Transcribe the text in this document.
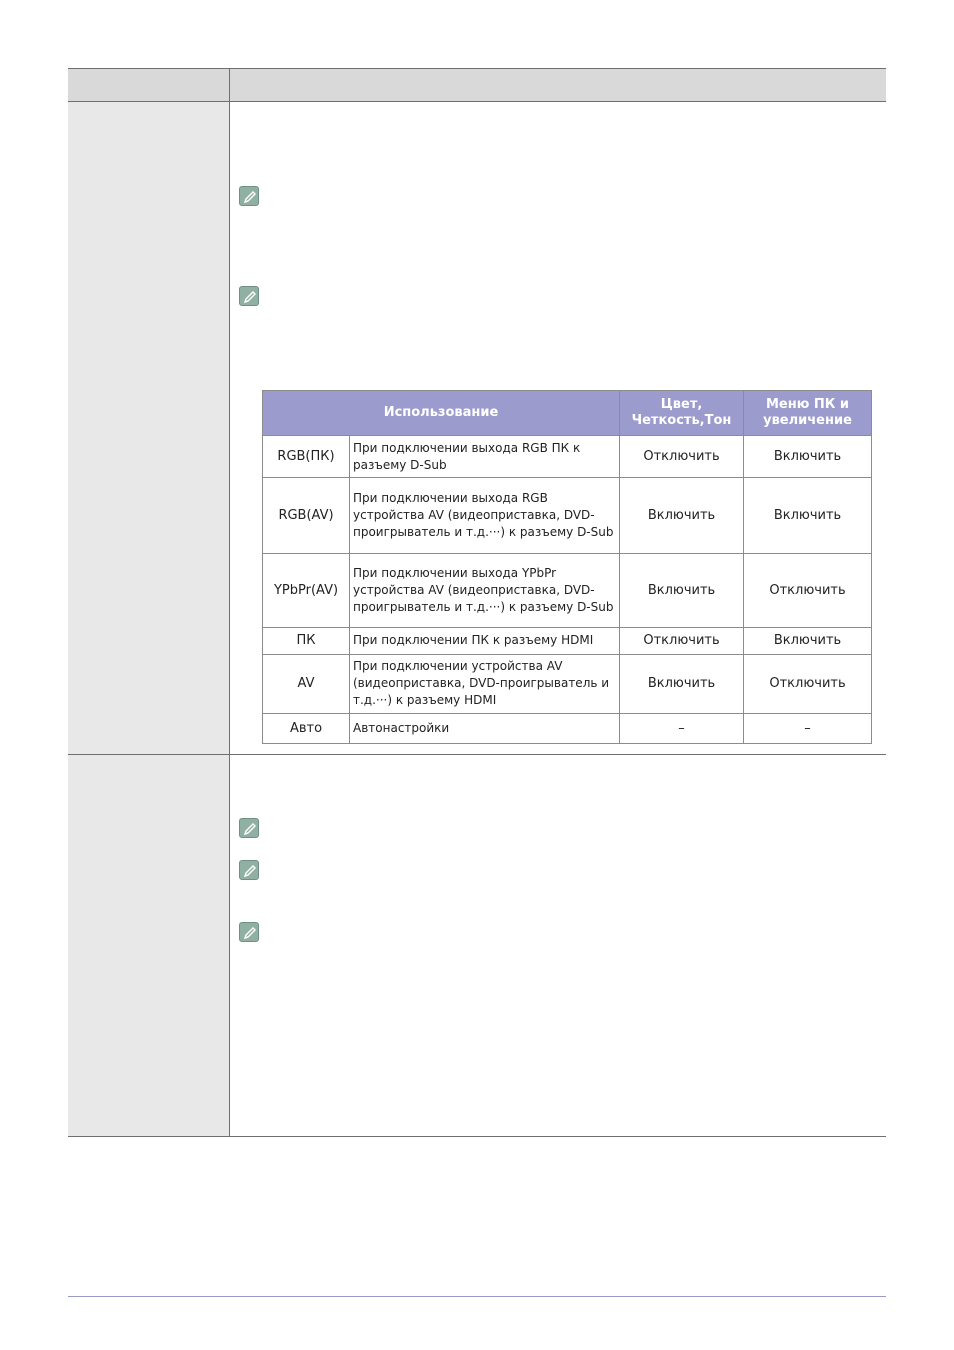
Использование		Цвет, Четкость,Тон	Меню ПК и увеличение
RGB(ПК)	При подключении выхода RGB ПК к разъему D-Sub	Отключить	Включить
RGB(AV)	При подключении выхода RGB устройства AV (видеоприставка, DVD-проигрыватель и т.д.···) к разъему D-Sub	Включить	Включить
YPbPr(AV)	При подключении выхода YPbPr устройства AV (видеоприставка, DVD-проигрыватель и т.д.···) к разъему D-Sub	Включить	Отключить
ПК	При подключении ПК к разъему HDMI	Отключить	Включить
AV	При подключении устройства AV (видеоприставка, DVD-проигрыватель и т.д.···) к разъему HDMI	Включить	Отключить
Авто	Автонастройки	–	–
